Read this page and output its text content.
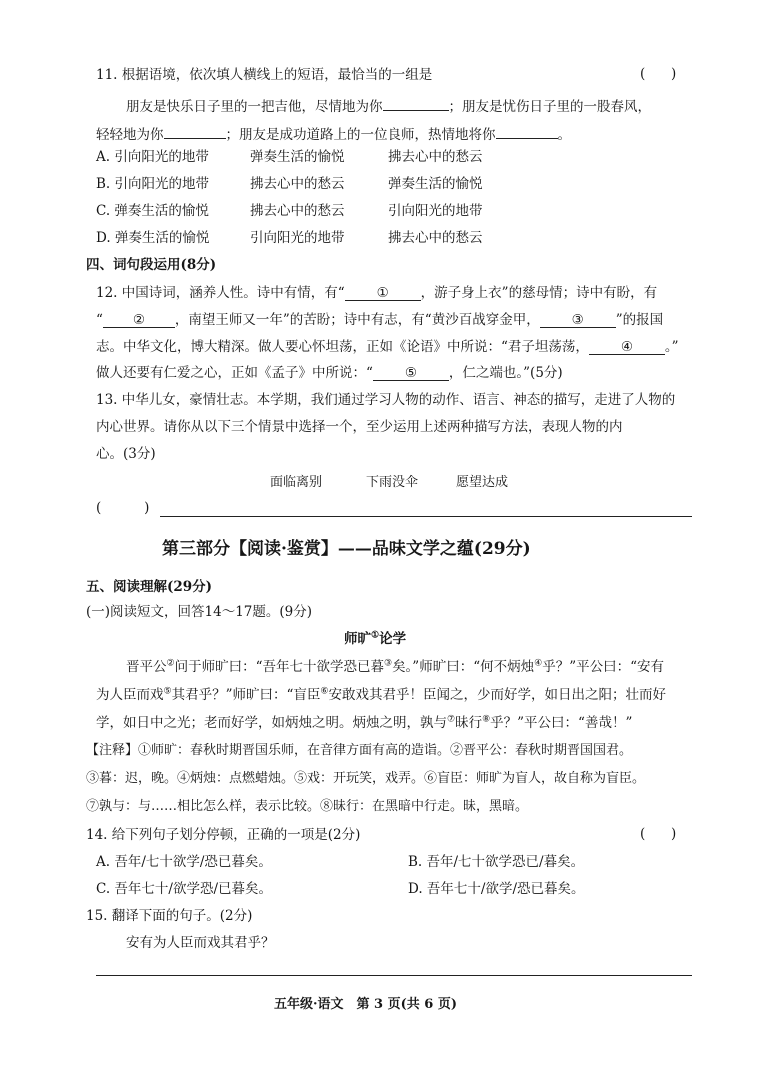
11. 根据语境，依次填人横线上的短语，最恰当的一组是	(      )
朋友是快乐日子里的一把吉他，尽情地为你	；朋友是忧伤日子里的一股春风，
轻轻地为你	；朋友是成功道路上的一位良师，热情地将你	。
A. 引向阳光的地带	弹奏生活的愉悦	拂去心中的愁云
B. 引向阳光的地带	拂去心中的愁云	弹奏生活的愉悦
C. 弹奏生活的愉悦	拂去心中的愁云	引向阳光的地带
D. 弹奏生活的愉悦	引向阳光的地带	拂去心中的愁云
四、词句段运用(8分)
12. 中国诗词，涵养人性。诗中有情，有“ ① ，游子身上衣”的慈母情；诗中有盼，有
“ ② ，南望王师又一年”的苦盼；诗中有志，有“黄沙百战穿金甲， ③ ”的报国
志。中华文化，博大精深。做人要心怀坦荡，正如《论语》中所说：“君子坦荡荡， ④ 。”
做人还要有仁爱之心，正如《孟子》中所说：“ ⑤ ，仁之端也。”(5分)
13. 中华儿女，豪情壮志。本学期，我们通过学习人物的动作、语言、神态的描写，走进了人物的
内心世界。请你从以下三个情景中选择一个，至少运用上述两种描写方法，表现人物的内
心。(3分)
面临离别	下雨没伞	愿望达成
(          )
第三部分【阅读·鉴赏】——品味文学之蕴(29分)
五、阅读理解(29分)
(一)阅读短文，回答14～17题。(9分)
师旷①论学
晋平公②问于师旷曰：“吾年七十欲学恐已暮③矣。”师旷曰：“何不炳烛④乎？”平公曰：“安有
为人臣而戏⑤其君乎？”师旷曰：“盲臣⑥安敢戏其君乎！臣闻之，少而好学，如日出之阳；壮而好
学，如日中之光；老而好学，如炳烛之明。炳烛之明，孰与⑦昧行⑧乎？”平公曰：“善哉！”
【注释】①师旷：春秋时期晋国乐师，在音律方面有高的造诣。②晋平公：春秋时期晋国国君。
③暮：迟，晚。④炳烛：点燃蜡烛。⑤戏：开玩笑，戏弄。⑥盲臣：师旷为盲人，故自称为盲臣。
⑦孰与：与……相比怎么样，表示比较。⑧昧行：在黑暗中行走。昧，黑暗。
14. 给下列句子划分停顿，正确的一项是(2分)	(      )
A. 吾年/七十欲学/恐已暮矣。	B. 吾年/七十欲学恐已/暮矣。
C. 吾年七十/欲学恐/已暮矣。	D. 吾年七十/欲学/恐已暮矣。
15. 翻译下面的句子。(2分)
安有为人臣而戏其君乎？
五年级·语文　第 3 页(共 6 页)
